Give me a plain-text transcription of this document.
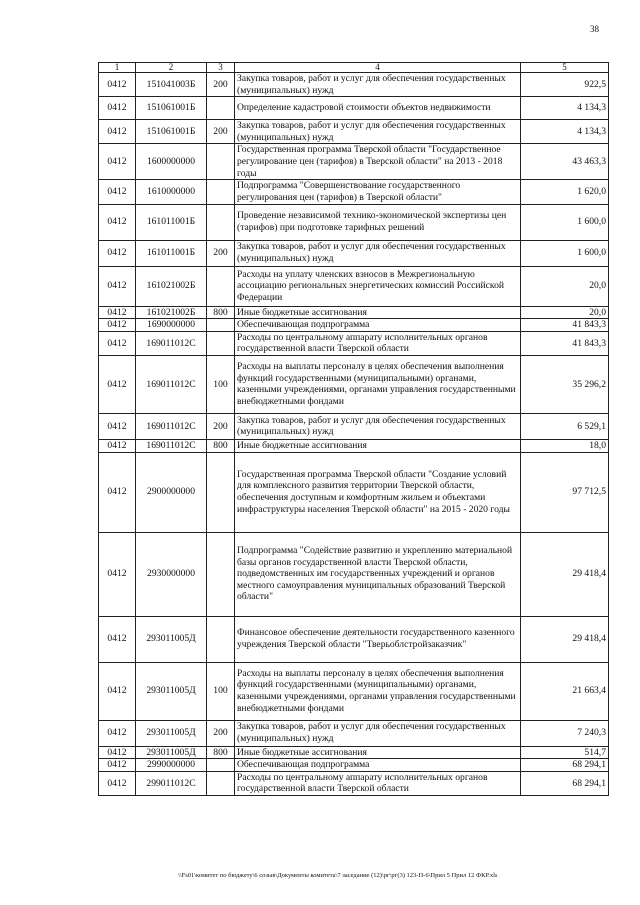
38
1	2	3	4	5
0412	151041003Б	200	Закупка товаров, работ и услуг для обеспечения государственных (муниципальных) нужд	922,5
0412	151061001Б		Определение кадастровой стоимости объектов недвижимости	4 134,3
0412	151061001Б	200	Закупка товаров, работ и услуг для обеспечения государственных (муниципальных) нужд	4 134,3
0412	1600000000		Государственная программа Тверской области "Государственное регулирование цен (тарифов) в Тверской области" на 2013 - 2018 годы	43 463,3
0412	1610000000		Подпрограмма "Совершенствование государственного регулирования цен (тарифов) в Тверской области"	1 620,0
0412	161011001Б		Проведение независимой технико-экономической экспертизы цен (тарифов) при подготовке тарифных решений	1 600,0
0412	161011001Б	200	Закупка товаров, работ и услуг для обеспечения государственных (муниципальных) нужд	1 600,0
0412	161021002Б		Расходы на уплату членских взносов в Межрегиональную ассоциацию региональных энергетических комиссий Российской Федерации	20,0
0412	161021002Б	800	Иные бюджетные ассигнования	20,0
0412	1690000000		Обеспечивающая подпрограмма	41 843,3
0412	169011012С		Расходы по центральному аппарату исполнительных органов государственной власти Тверской области	41 843,3
0412	169011012С	100	Расходы на выплаты персоналу в целях обеспечения выполнения функций государственными (муниципальными) органами, казенными учреждениями, органами управления государственными внебюджетными фондами	35 296,2
0412	169011012С	200	Закупка товаров, работ и услуг для обеспечения государственных (муниципальных) нужд	6 529,1
0412	169011012С	800	Иные бюджетные ассигнования	18,0
0412	2900000000		Государственная программа Тверской области "Создание условий для комплексного развития территории Тверской области, обеспечения доступным и комфортным жильем и объектами инфраструктуры населения Тверской области" на 2015 - 2020 годы	97 712,5
0412	2930000000		Подпрограмма "Содействие развитию и укреплению материальной базы органов государственной власти Тверской области, подведомственных им государственных учреждений и органов местного самоуправления муниципальных образований Тверской области"	29 418,4
0412	293011005Д		Финансовое обеспечение деятельности государственного казенного учреждения Тверской области "Тверьоблстройзаказчик"	29 418,4
0412	293011005Д	100	Расходы на выплаты персоналу в целях обеспечения выполнения функций государственными (муниципальными) органами, казенными учреждениями, органами управления государственными внебюджетными фондами	21 663,4
0412	293011005Д	200	Закупка товаров, работ и услуг для обеспечения государственных (муниципальных) нужд	7 240,3
0412	293011005Д	800	Иные бюджетные ассигнования	514,7
0412	2990000000		Обеспечивающая подпрограмма	68 294,1
0412	299011012С		Расходы по центральному аппарату исполнительных органов государственной власти Тверской области	68 294,1
\\Fs01\комитет по бюджету\6 созыв\Документы комитета\7 заседание (12)\рг\рг(3) 123-П-6\Прил 5 Прил 12 ФКР.xls
